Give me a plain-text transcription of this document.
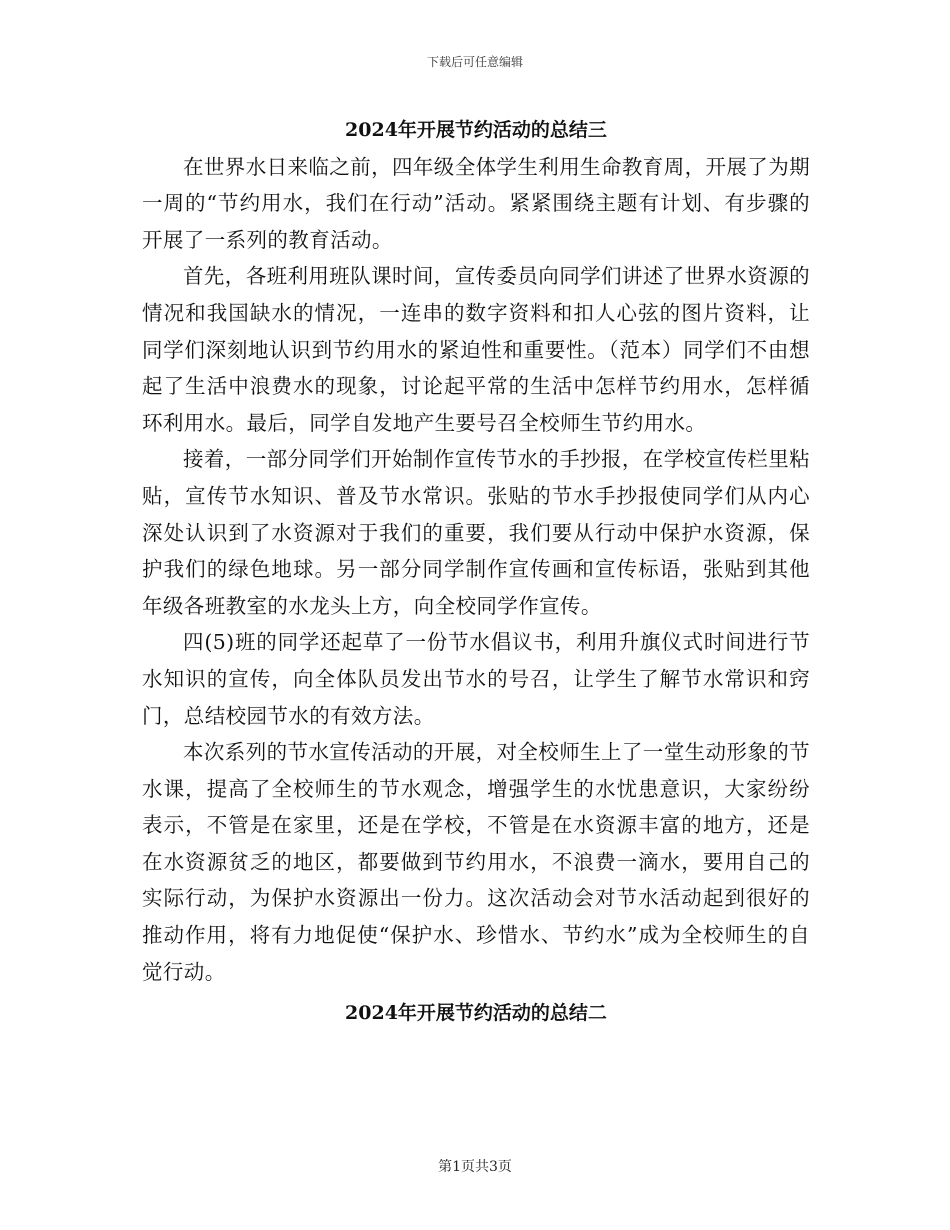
下载后可任意编辑
2024年开展节约活动的总结三

在世界水日来临之前，四年级全体学生利用生命教育周，开展了为期一周的“节约用水，我们在行动”活动。紧紧围绕主题有计划、有步骤的开展了一系列的教育活动。

首先，各班利用班队课时间，宣传委员向同学们讲述了世界水资源的情况和我国缺水的情况，一连串的数字资料和扣人心弦的图片资料，让同学们深刻地认识到节约用水的紧迫性和重要性。（范本）同学们不由想起了生活中浪费水的现象，讨论起平常的生活中怎样节约用水，怎样循环利用水。最后，同学自发地产生要号召全校师生节约用水。

接着，一部分同学们开始制作宣传节水的手抄报，在学校宣传栏里粘贴，宣传节水知识、普及节水常识。张贴的节水手抄报使同学们从内心深处认识到了水资源对于我们的重要，我们要从行动中保护水资源，保护我们的绿色地球。另一部分同学制作宣传画和宣传标语，张贴到其他年级各班教室的水龙头上方，向全校同学作宣传。

四(5)班的同学还起草了一份节水倡议书，利用升旗仪式时间进行节水知识的宣传，向全体队员发出节水的号召，让学生了解节水常识和窍门，总结校园节水的有效方法。

本次系列的节水宣传活动的开展，对全校师生上了一堂生动形象的节水课，提高了全校师生的节水观念，增强学生的水忧患意识，大家纷纷表示，不管是在家里，还是在学校，不管是在水资源丰富的地方，还是在水资源贫乏的地区，都要做到节约用水，不浪费一滴水，要用自己的实际行动，为保护水资源出一份力。这次活动会对节水活动起到很好的推动作用，将有力地促使“保护水、珍惜水、节约水”成为全校师生的自觉行动。

2024年开展节约活动的总结二
第1页共3页
